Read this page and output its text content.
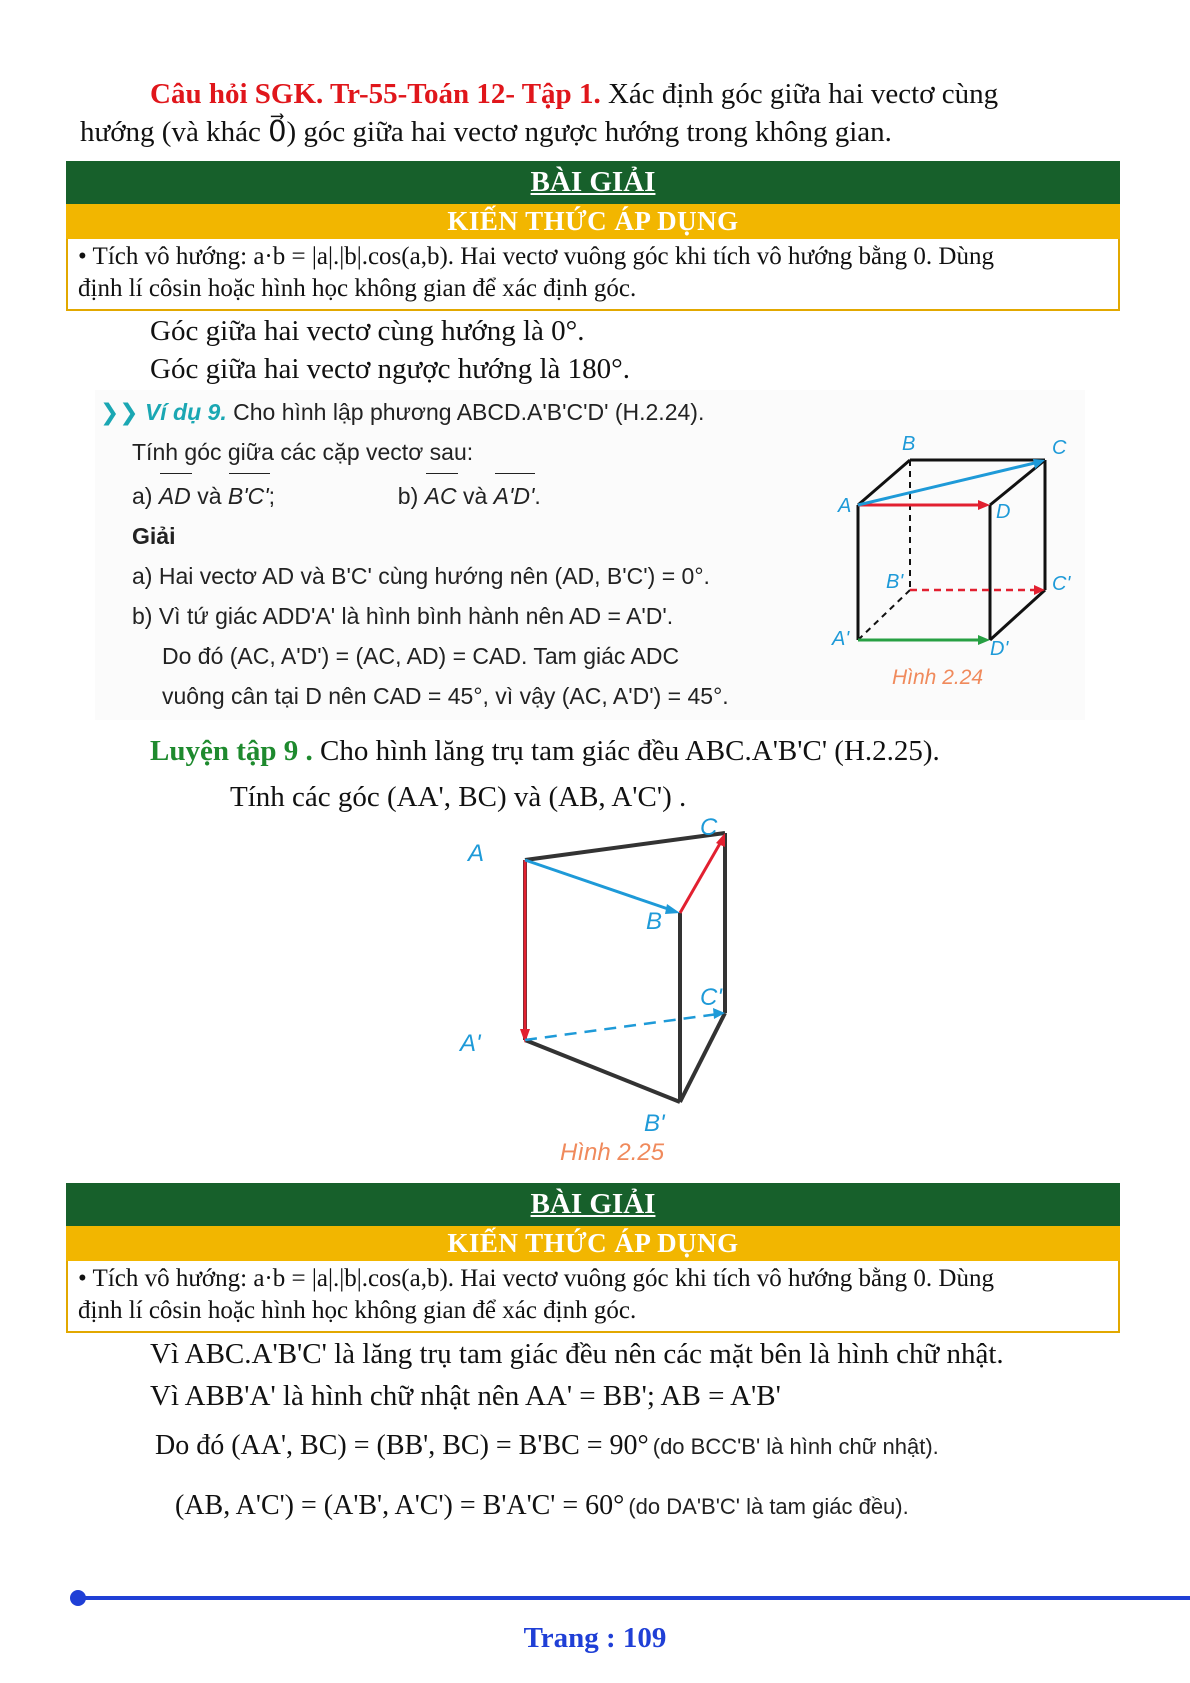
Câu hỏi SGK. Tr-55-Toán 12- Tập 1. Xác định góc giữa hai vectơ cùng
hướng (và khác 0⃗) góc giữa hai vectơ ngược hướng trong không gian.
BÀI GIẢI
KIẾN THỨC ÁP DỤNG
• Tích vô hướng: a·b = |a|.|b|.cos(a,b). Hai vectơ vuông góc khi tích vô hướng bằng 0. Dùng
định lí côsin hoặc hình học không gian để xác định góc.
Góc giữa hai vectơ cùng hướng là 0°.
Góc giữa hai vectơ ngược hướng là 180°.
❯❯ Ví dụ 9. Cho hình lập phương ABCD.A'B'C'D' (H.2.24).
Tính góc giữa các cặp vectơ sau:
a) AD và B'C';	b) AC và A'D'.
Giải
a) Hai vectơ AD và B'C' cùng hướng nên (AD, B'C') = 0°.
b) Vì tứ giác ADD'A' là hình bình hành nên AD = A'D'.
Do đó (AC, A'D') = (AC, AD) = CAD. Tam giác ADC
vuông cân tại D nên CAD = 45°, vì vậy (AC, A'D') = 45°.
A
B	C
D
A'
B'	C'
D'
Hình 2.24
Luyện tập 9 . Cho hình lăng trụ tam giác đều ABC.A'B'C' (H.2.25).
Tính các góc (AA', BC) và (AB, A'C') .
A
B
C
A'
B'
C'
Hình 2.25
BÀI GIẢI
KIẾN THỨC ÁP DỤNG
• Tích vô hướng: a·b = |a|.|b|.cos(a,b). Hai vectơ vuông góc khi tích vô hướng bằng 0. Dùng
định lí côsin hoặc hình học không gian để xác định góc.
Vì ABC.A'B'C' là lăng trụ tam giác đều nên các mặt bên là hình chữ nhật.
Vì ABB'A' là hình chữ nhật nên AA' = BB'; AB = A'B'
Do đó (AA', BC) = (BB', BC) = B'BC = 90° (do BCC'B' là hình chữ nhật).
(AB, A'C') = (A'B', A'C') = B'A'C' = 60° (do DA'B'C' là tam giác đều).
Trang : 109
